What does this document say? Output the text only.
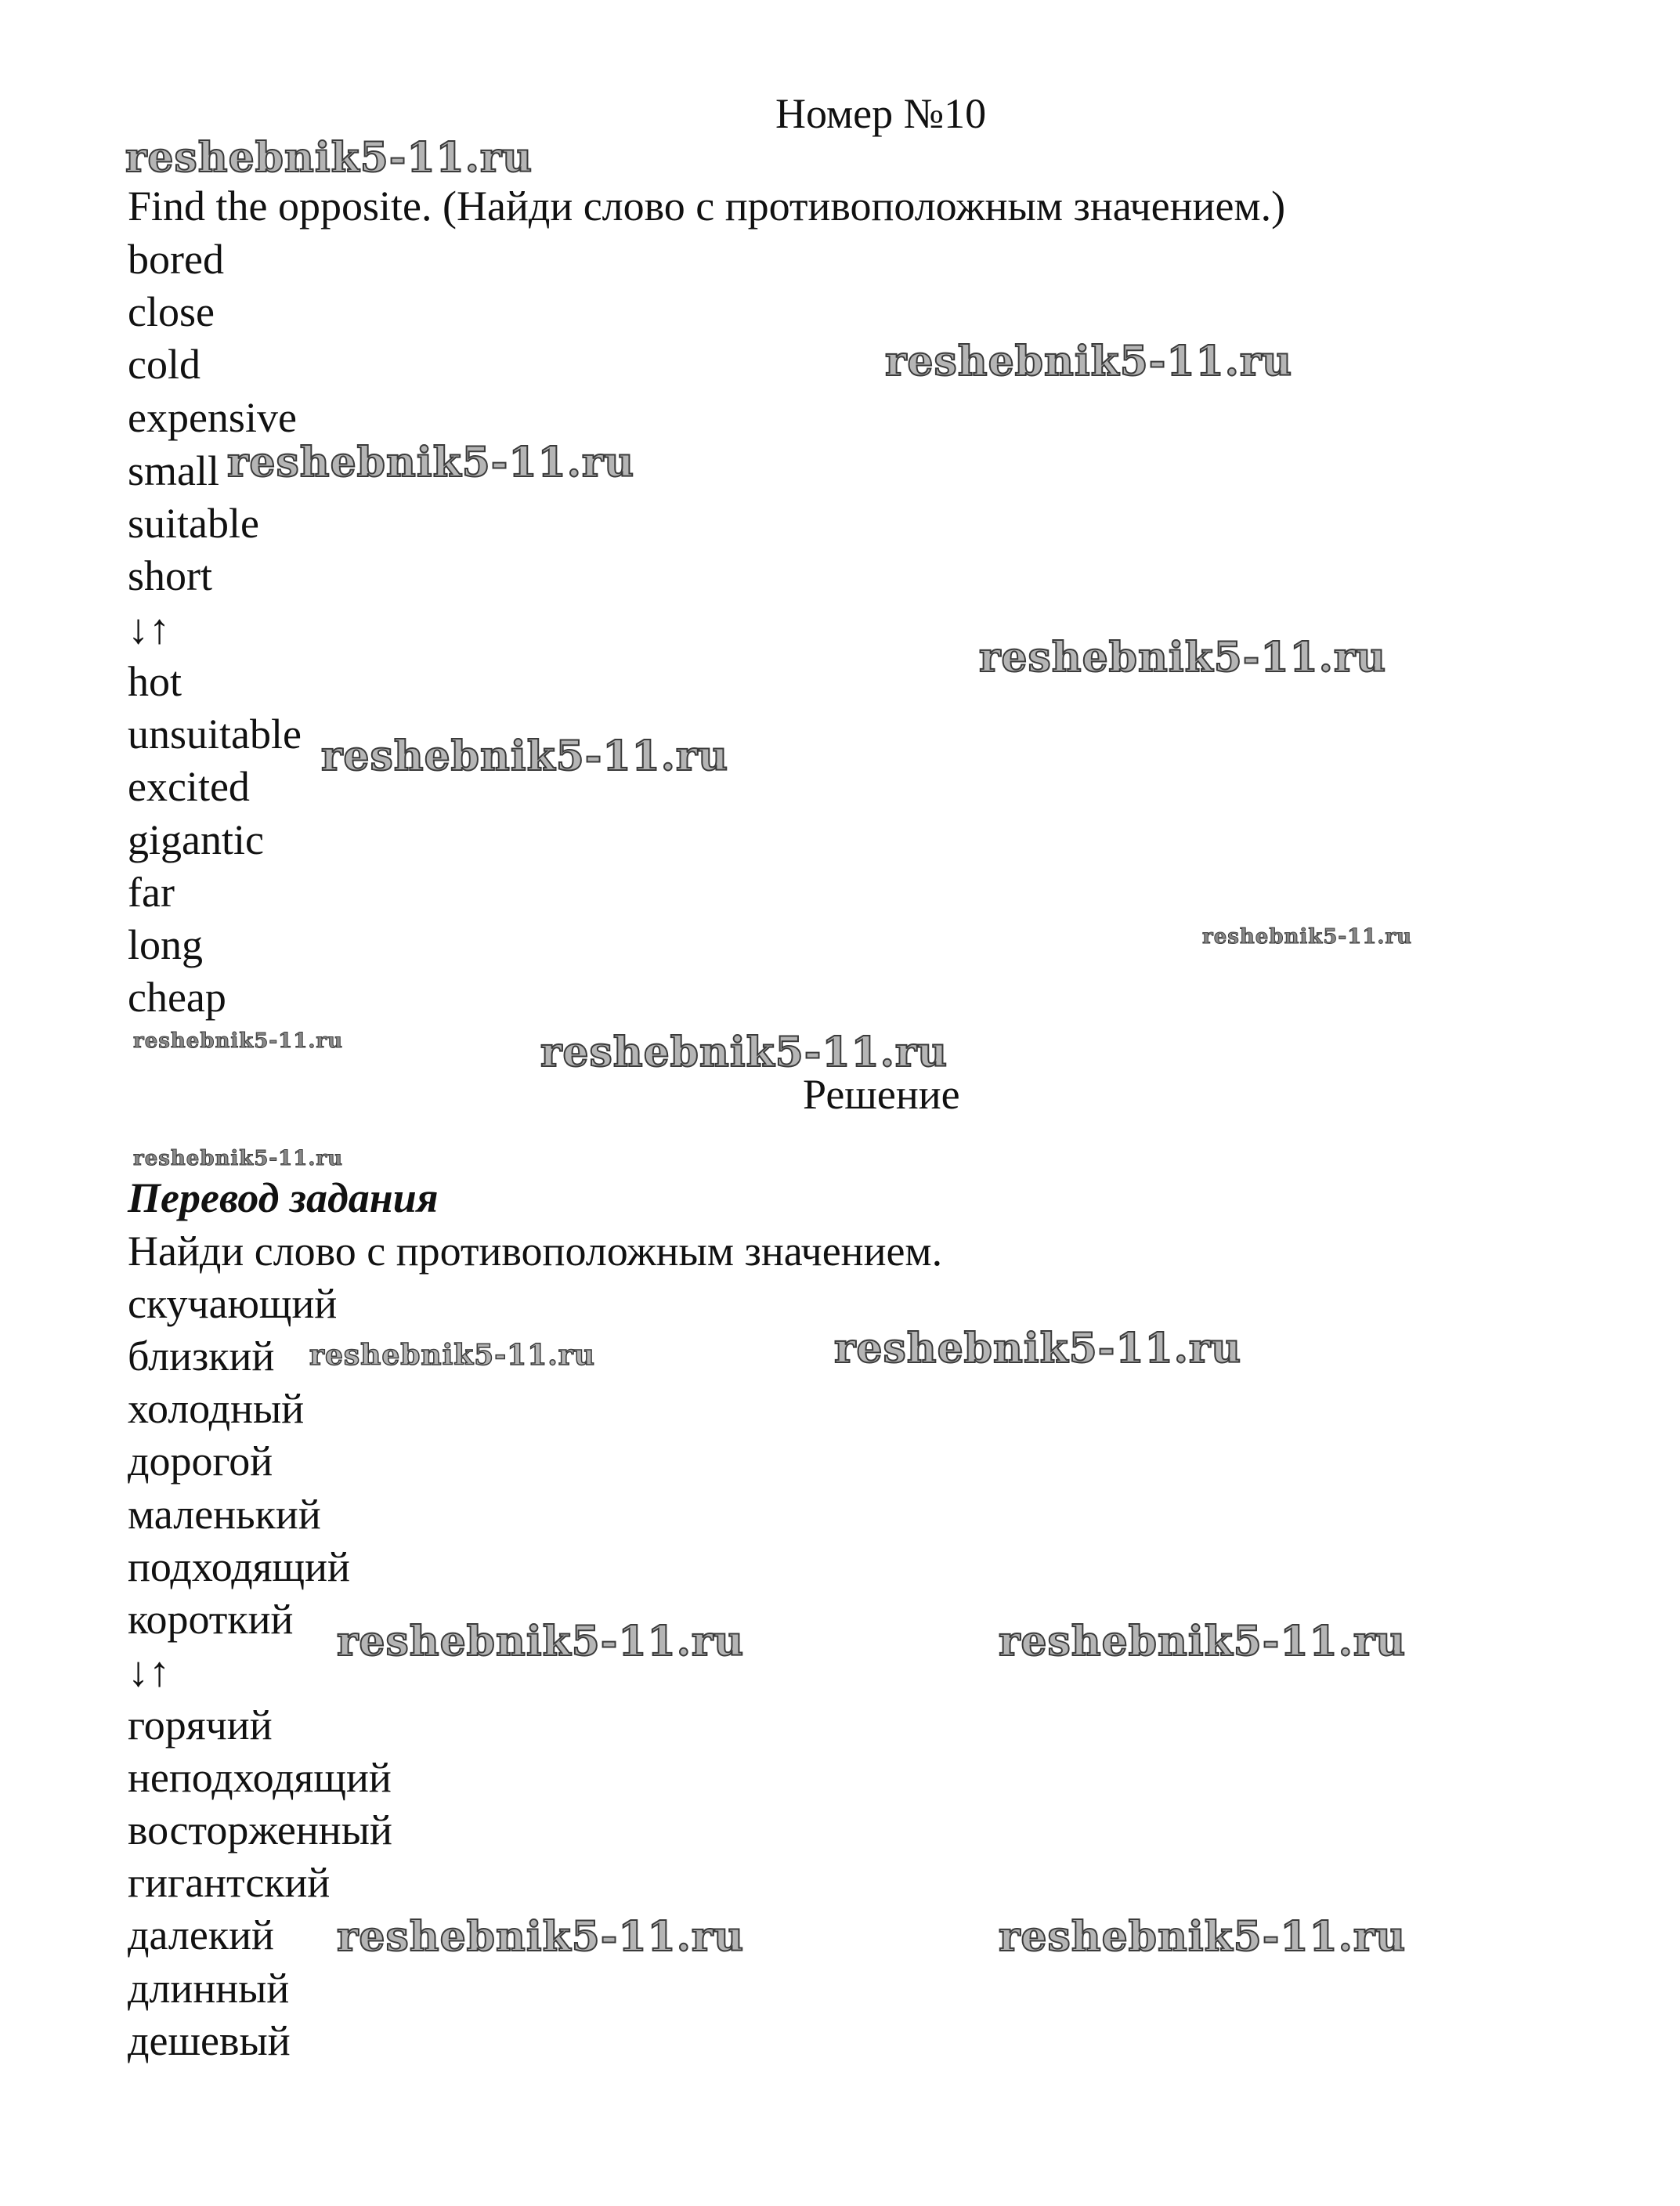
Номер №10
Find the opposite. (Найди слово с противоположным значением.)
bored
close
cold
expensive
small
suitable
short
↓↑
hot
unsuitable
excited
gigantic
far
long
cheap
Решение
Перевод задания
Найди слово с противоположным значением.
скучающий
близкий
холодный
дорогой
маленький
подходящий
короткий
↓↑
горячий
неподходящий
восторженный
гигантский
далекий
длинный
дешевый
reshebnik5-11.ru
reshebnik5-11.ru
reshebnik5-11.ru
reshebnik5-11.ru
reshebnik5-11.ru
reshebnik5-11.ru
reshebnik5-11.ru	reshebnik5-11.ru
reshebnik5-11.ru
reshebnik5-11.ru	reshebnik5-11.ru
reshebnik5-11.ru	reshebnik5-11.ru
reshebnik5-11.ru	reshebnik5-11.ru
